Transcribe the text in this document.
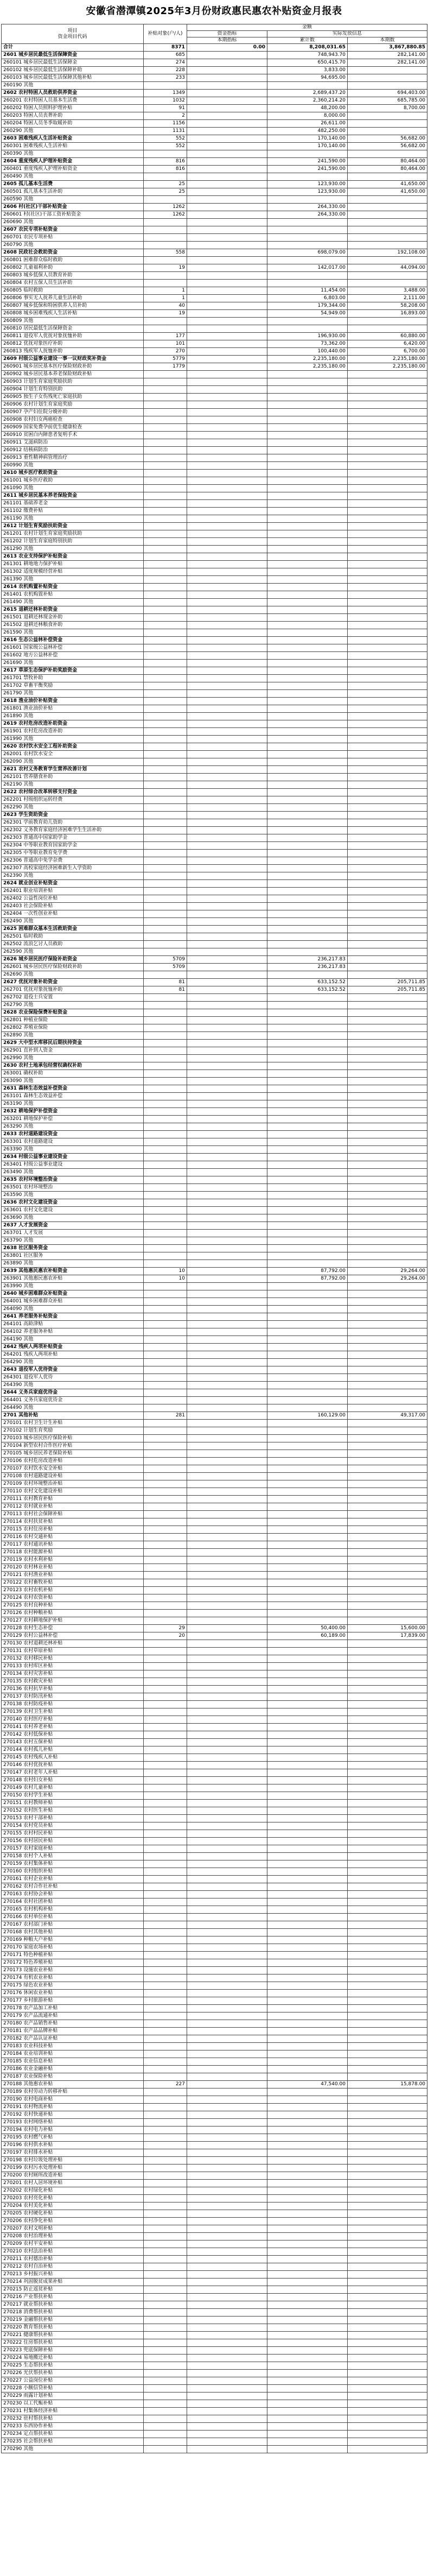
安徽省潜潭镇2025年3月份财政惠民惠农补贴资金月报表
项目
资金项目代码	补贴对象(户/人)	金额		
		资金指标	实际发放信息	
		本期指标	累计数	本期数
合计	8371	0.00	8,208,031.65	3,867,880.85
2601 城乡居民最低生活保障资金	685		748,943.70	282,141.00
260101 城乡居民最低生活保障金	274		650,415.70	282,141.00
260102 城乡居民最低生活保障补助	228		3,833.00	
260103 城乡居民最低生活保障其他补贴	233		94,695.00	
260190 其他				
2602 农村特困人员救助供养资金	1349		2,689,437.20	694,403.00
260201 农村特困人员基本生活费	1032		2,360,214.20	685,785.00
260202 特困人员照料护理补贴	91		48,200.00	8,700.00
260203 特困人员丧葬补助	2		8,000.00	
260204 特困人员冬季取暖补助	1156		26,611.00	
260290 其他	1131		482,250.00	
2603 困难残疾人生活补贴资金	552		170,140.00	56,682.00
260301 困难残疾人生活补贴	552		170,140.00	56,682.00
260390 其他				
2604 重度残疾人护理补贴资金	816		241,590.00	80,464.00
260401 重度残疾人护理补贴资金	816		241,590.00	80,464.00
260490 其他				
2605 孤儿基本生活费	25		123,930.00	41,650.00
260501 孤儿基本生活补助	25		123,930.00	41,650.00
260590 其他				
2606 村(社区)干部补贴资金	1262		264,330.00	
260601 村(社区)干部工资补贴资金	1262		264,330.00	
260690 其他				
2607 农民专项补贴资金				
260701 农民专项补贴				
260790 其他				
2608 民政社会救助资金	558		698,079.00	192,108.00
260801 困难群众临时救助				
260802 儿童福利补助	19		142,017.00	44,094.00
260803 城乡低保人员教育补助				
260804 农村五保人员生活补助				
260805 临时救助	1		11,454.00	3,488.00
260806 事实无人抚养儿童生活补助	1		6,803.00	2,111.00
260807 城乡低保和特困供养人员补助	40		179,344.00	58,208.00
260808 城乡困难残疾人生活补贴	19		54,949.00	16,893.00
260809 其他				
260810 居民最低生活保障资金				
260811 退役军人优抚对象抚恤补助	177		196,930.00	60,880.00
260812 优抚对象医疗补助	101		73,362.00	6,420.00
260813 残疾军人抚恤补助	270		100,440.00	6,700.00
2609 村级公益事业建设一事一议财政奖补资金	5779		2,235,180.00	2,235,180.00
260901 城乡居民基本医疗保险财政补助	1779		2,235,180.00	2,235,180.00
260902 城乡居民基本养老保险财政补贴				
260903 计划生育家庭奖励扶助				
260904 计划生育特别扶助				
260905 独生子女伤残死亡家庭扶助				
260906 农村计划生育家庭奖励				
260907 孕产妇住院分娩补助				
260908 农村妇女两癌检查				
260909 国家免费孕前优生健康检查				
260910 贫困白内障患者复明手术				
260911 艾滋病防治				
260912 结核病防治				
260913 重性精神病管理治疗				
260990 其他				
2610 城乡医疗救助资金				
261001 城乡医疗救助				
261090 其他				
2611 城乡居民基本养老保险资金				
261101 基础养老金				
261102 缴费补贴				
261190 其他				
2612 计划生育奖励扶助资金				
261201 农村计划生育家庭奖励扶助				
261202 计划生育家庭特别扶助				
261290 其他				
2613 农业支持保护补贴资金				
261301 耕地地力保护补贴				
261302 适度规模经营补贴				
261390 其他				
2614 农机购置补贴资金				
261401 农机购置补贴				
261490 其他				
2615 退耕还林补助资金				
261501 退耕还林现金补助				
261502 退耕还林粮食补助				
261590 其他				
2616 生态公益林补偿资金				
261601 国家级公益林补偿				
261602 地方公益林补偿				
261690 其他				
2617 草原生态保护补助奖励资金				
261701 禁牧补助				
261702 草畜平衡奖励				
261790 其他				
2618 渔业油价补贴资金				
261801 渔业油价补贴				
261890 其他				
2619 农村危房改造补助资金				
261901 农村危房改造补助				
261990 其他				
2620 农村饮水安全工程补助资金				
262001 农村饮水安全				
262090 其他				
2621 农村义务教育学生营养改善计划				
262101 营养膳食补助				
262190 其他				
2622 农村综合改革转移支付资金				
262201 村级组织运转经费				
262290 其他				
2623 学生资助资金				
262301 学前教育幼儿资助				
262302 义务教育家庭经济困难学生生活补助				
262303 普通高中国家助学金				
262304 中等职业教育国家助学金				
262305 中等职业教育免学费				
262306 普通高中免学杂费				
262307 高校家庭经济困难新生入学资助				
262390 其他				
2624 就业创业补贴资金				
262401 职业培训补贴				
262402 公益性岗位补贴				
262403 社会保险补贴				
262404 一次性创业补贴				
262490 其他				
2625 困难群众基本生活救助资金				
262501 临时救助				
262502 流浪乞讨人员救助				
262590 其他				
2626 城乡居民医疗保险补助资金	5709		236,217.83	
262601 城乡居民医疗保险财政补助	5709		236,217.83	
262690 其他				
2627 优抚对象补助资金	81		633,152.52	205,711.85
262701 优抚对象抚恤补助	81		633,152.52	205,711.85
262702 退役士兵安置				
262790 其他				
2628 农业保险保费补贴资金				
262801 种植业保险				
262802 养殖业保险				
262890 其他				
2629 大中型水库移民后期扶持资金				
262901 直补到人资金				
262990 其他				
2630 农村土地承包经营权确权补助				
263001 确权补助				
263090 其他				
2631 森林生态效益补偿资金				
263101 森林生态效益补偿				
263190 其他				
2632 耕地保护补偿资金				
263201 耕地保护补偿				
263290 其他				
2633 农村道路建设资金				
263301 农村道路建设				
263390 其他				
2634 村级公益事业建设资金				
263401 村级公益事业建设				
263490 其他				
2635 农村环境整治资金				
263501 农村环境整治				
263590 其他				
2636 农村文化建设资金				
263601 农村文化建设				
263690 其他				
2637 人才发展资金				
263701 人才发展				
263790 其他				
2638 社区服务资金				
263801 社区服务				
263890 其他				
2639 其他惠民惠农补贴资金	10		87,792.00	29,264.00
263901 其他惠民惠农补贴	10		87,792.00	29,264.00
263990 其他				
2640 城乡困难群众补贴资金				
264001 城乡困难群众补贴				
264090 其他				
2641 养老服务补贴资金				
264101 高龄津贴				
264102 养老服务补贴				
264190 其他				
2642 残疾人两项补贴资金				
264201 残疾人两项补贴				
264290 其他				
2643 退役军人优待资金				
264301 退役军人优待				
264390 其他				
2644 义务兵家庭优待金				
264401 义务兵家庭优待金				
264490 其他				
2701 其他补贴	281		160,129.00	49,317.00
270101 农村卫生计生补贴				
270102 计划生育奖励				
270103 城乡居民医疗保险补贴				
270104 新型农村合作医疗补贴				
270105 城乡居民养老保险补贴				
270106 农村危房改造补贴				
270107 农村饮水安全补贴				
270108 农村道路建设补贴				
270109 农村环境整治补贴				
270110 农村文化建设补贴				
270111 农村教育补贴				
270112 农村就业补贴				
270113 农村社会保障补贴				
270114 农村扶贫补贴				
270115 农村住房补贴				
270116 农村交通补贴				
270117 农村通讯补贴				
270118 农村能源补贴				
270119 农村水利补贴				
270120 农村林业补贴				
270121 农村渔业补贴				
270122 农村畜牧补贴				
270123 农村农机补贴				
270124 农村农资补贴				
270125 农村良种补贴				
270126 农村种粮补贴				
270127 农村耕地保护补贴				
270128 农村生态补偿	29		50,400.00	15,600.00
270129 农村公益林补偿	20		60,189.00	17,839.00
270130 农村退耕还林补贴				
270131 农村草原补贴				
270132 农村移民补贴				
270133 农村库区补贴				
270134 农村灾害补贴				
270135 农村救灾补贴				
270136 农村抗旱补贴				
270137 农村防汛补贴				
270138 农村防疫补贴				
270139 农村卫生补贴				
270140 农村医疗补贴				
270141 农村养老补贴				
270142 农村低保补贴				
270143 农村五保补贴				
270144 农村孤儿补贴				
270145 农村残疾人补贴				
270146 农村优抚补贴				
270147 农村老年人补贴				
270148 农村妇女补贴				
270149 农村儿童补贴				
270150 农村学生补贴				
270151 农村教师补贴				
270152 农村医生补贴				
270153 农村干部补贴				
270154 农村党员补贴				
270155 农村村民补贴				
270156 农村居民补贴				
270157 农村家庭补贴				
270158 农村个人补贴				
270159 农村集体补贴				
270160 农村组织补贴				
270161 农村企业补贴				
270162 农村合作社补贴				
270163 农村协会补贴				
270164 农村社团补贴				
270165 农村机构补贴				
270166 农村单位补贴				
270167 农村部门补贴				
270168 农村其他补贴				
270169 种粮大户补贴				
270170 家庭农场补贴				
270171 特色种植补贴				
270172 特色养殖补贴				
270173 设施农业补贴				
270174 有机农业补贴				
270175 绿色农业补贴				
270176 休闲农业补贴				
270177 乡村旅游补贴				
270178 农产品加工补贴				
270179 农产品流通补贴				
270180 农产品销售补贴				
270181 农产品品牌补贴				
270182 农产品认证补贴				
270183 农业科技补贴				
270184 农业培训补贴				
270185 农业信息补贴				
270186 农业金融补贴				
270187 农业保险补贴				
270188 其他惠农补贴	227		47,540.00	15,878.00
270189 农村劳动力转移补贴				
270190 农村电商补贴				
270191 农村物流补贴				
270192 农村快递补贴				
270193 农村网络补贴				
270194 农村电力补贴				
270195 农村燃气补贴				
270196 农村供水补贴				
270197 农村排水补贴				
270198 农村垃圾处理补贴				
270199 农村污水处理补贴				
270200 农村厕所改造补贴				
270201 农村人居环境补贴				
270202 农村绿化补贴				
270203 农村亮化补贴				
270204 农村美化补贴				
270205 农村硬化补贴				
270206 农村净化补贴				
270207 农村文明补贴				
270208 农村治理补贴				
270209 农村平安补贴				
270210 农村法治补贴				
270211 农村德治补贴				
270212 农村自治补贴				
270213 乡村振兴补贴				
270214 巩固脱贫成果补贴				
270215 防止返贫补贴				
270216 产业帮扶补贴				
270217 就业帮扶补贴				
270218 消费帮扶补贴				
270219 金融帮扶补贴				
270220 教育帮扶补贴				
270221 健康帮扶补贴				
270222 住房帮扶补贴				
270223 兜底保障补贴				
270224 易地搬迁补贴				
270225 生态帮扶补贴				
270226 光伏帮扶补贴				
270227 公益岗位补贴				
270228 小额信贷补贴				
270229 雨露计划补贴				
270230 以工代赈补贴				
270231 村集体经济补贴				
270232 驻村帮扶补贴				
270233 东西协作补贴				
270234 定点帮扶补贴				
270235 社会帮扶补贴				
270290 其他				
